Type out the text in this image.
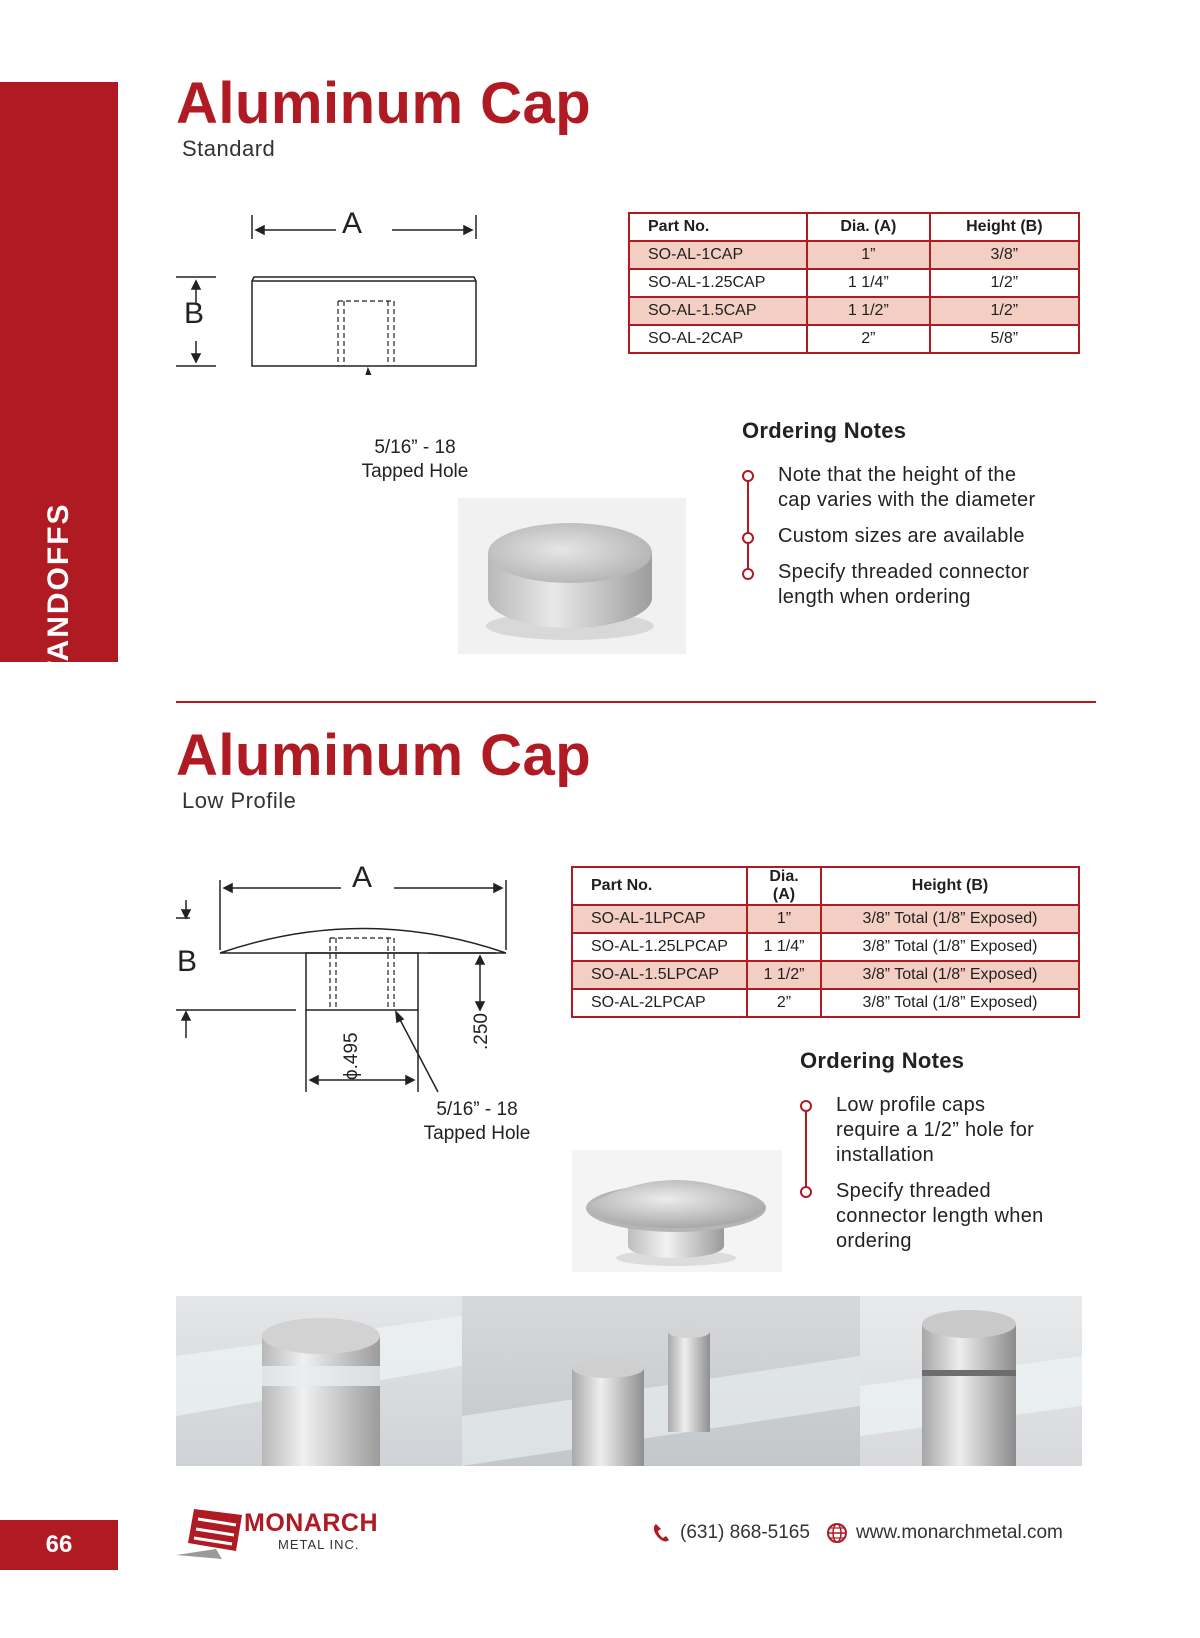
STANDOFFS
Aluminum Cap
Standard
A
B
5/16” - 18
Tapped Hole
Part No.	Dia. (A)	Height (B)
SO-AL-1CAP	1”	3/8”
SO-AL-1.25CAP	1 1/4”	1/2”
SO-AL-1.5CAP	1 1/2”	1/2”
SO-AL-2CAP	2”	5/8”
Ordering Notes
Note that the height of the
cap varies with the diameter
Custom sizes are available
Specify threaded connector
length when ordering
Aluminum Cap
Low Profile
A
B
ϕ.495
.250
5/16” - 18
Tapped Hole
Part No.	Dia. (A)	Height (B)
SO-AL-1LPCAP	1”	3/8” Total (1/8” Exposed)
SO-AL-1.25LPCAP	1 1/4”	3/8” Total (1/8” Exposed)
SO-AL-1.5LPCAP	1 1/2”	3/8” Total (1/8” Exposed)
SO-AL-2LPCAP	2”	3/8” Total (1/8” Exposed)
Ordering Notes
Low profile caps
require a 1/2” hole for
installation
Specify threaded
connector length when
ordering
66
MONARCH
METAL INC.
(631) 868-5165 www.monarchmetal.com
